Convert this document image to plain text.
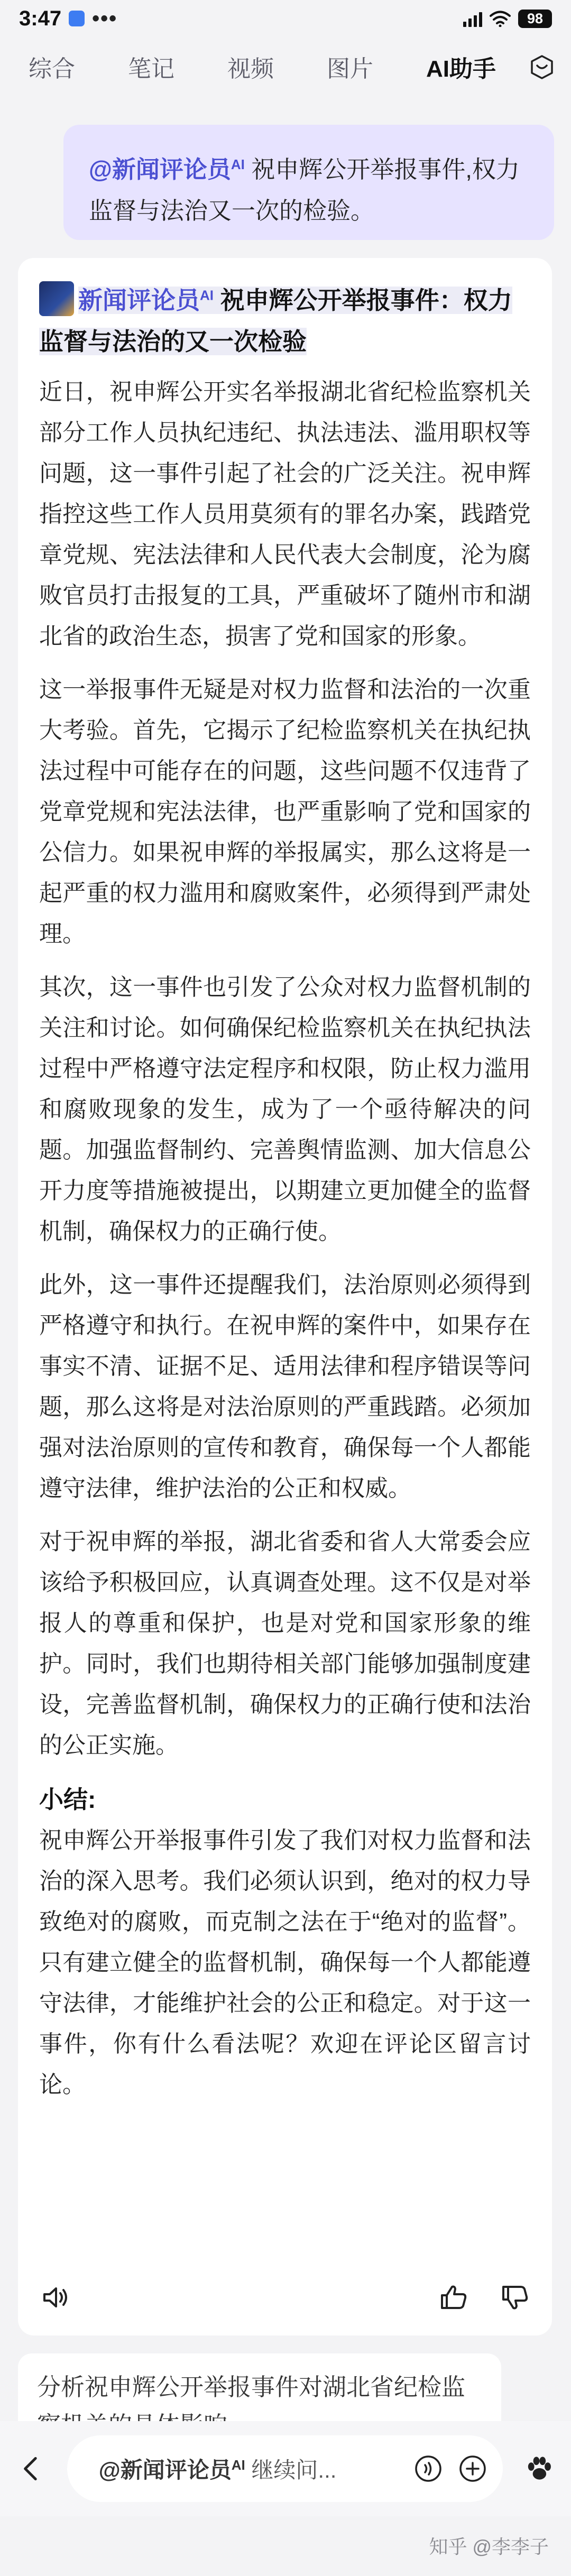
3:47 •••	98
综合 笔记 视频 图片 AI助手
@新闻评论员$^{AI}$ 祝申辉公开举报事件,权力监督与法治又一次的检验。
新闻评论员$^{AI}$ 祝申辉公开举报事件：权力监督与法治的又一次检验

近日，祝申辉公开实名举报湖北省纪检监察机关部分工作人员执纪违纪、执法违法、滥用职权等问题，这一事件引起了社会的广泛关注。祝申辉指控这些工作人员用莫须有的罪名办案，践踏党章党规、宪法法律和人民代表大会制度，沦为腐败官员打击报复的工具，严重破坏了随州市和湖北省的政治生态，损害了党和国家的形象。

这一举报事件无疑是对权力监督和法治的一次重大考验。首先，它揭示了纪检监察机关在执纪执法过程中可能存在的问题，这些问题不仅违背了党章党规和宪法法律，也严重影响了党和国家的公信力。如果祝申辉的举报属实，那么这将是一起严重的权力滥用和腐败案件，必须得到严肃处理。

其次，这一事件也引发了公众对权力监督机制的关注和讨论。如何确保纪检监察机关在执纪执法过程中严格遵守法定程序和权限，防止权力滥用和腐败现象的发生，成为了一个亟待解决的问题。加强监督制约、完善舆情监测、加大信息公开力度等措施被提出，以期建立更加健全的监督机制，确保权力的正确行使。

此外，这一事件还提醒我们，法治原则必须得到严格遵守和执行。在祝申辉的案件中，如果存在事实不清、证据不足、适用法律和程序错误等问题，那么这将是对法治原则的严重践踏。必须加强对法治原则的宣传和教育，确保每一个人都能遵守法律，维护法治的公正和权威。

对于祝申辉的举报，湖北省委和省人大常委会应该给予积极回应，认真调查处理。这不仅是对举报人的尊重和保护，也是对党和国家形象的维护。同时，我们也期待相关部门能够加强制度建设，完善监督机制，确保权力的正确行使和法治的公正实施。

小结:

祝申辉公开举报事件引发了我们对权力监督和法治的深入思考。我们必须认识到，绝对的权力导致绝对的腐败，而克制之法在于“绝对的监督”。只有建立健全的监督机制，确保每一个人都能遵守法律，才能维护社会的公正和稳定。对于这一事件，你有什么看法呢？欢迎在评论区留言讨论。

分析祝申辉公开举报事件对湖北省纪检监
@新闻评论员$^{AI}$ 继续问...
知乎 @李李子
